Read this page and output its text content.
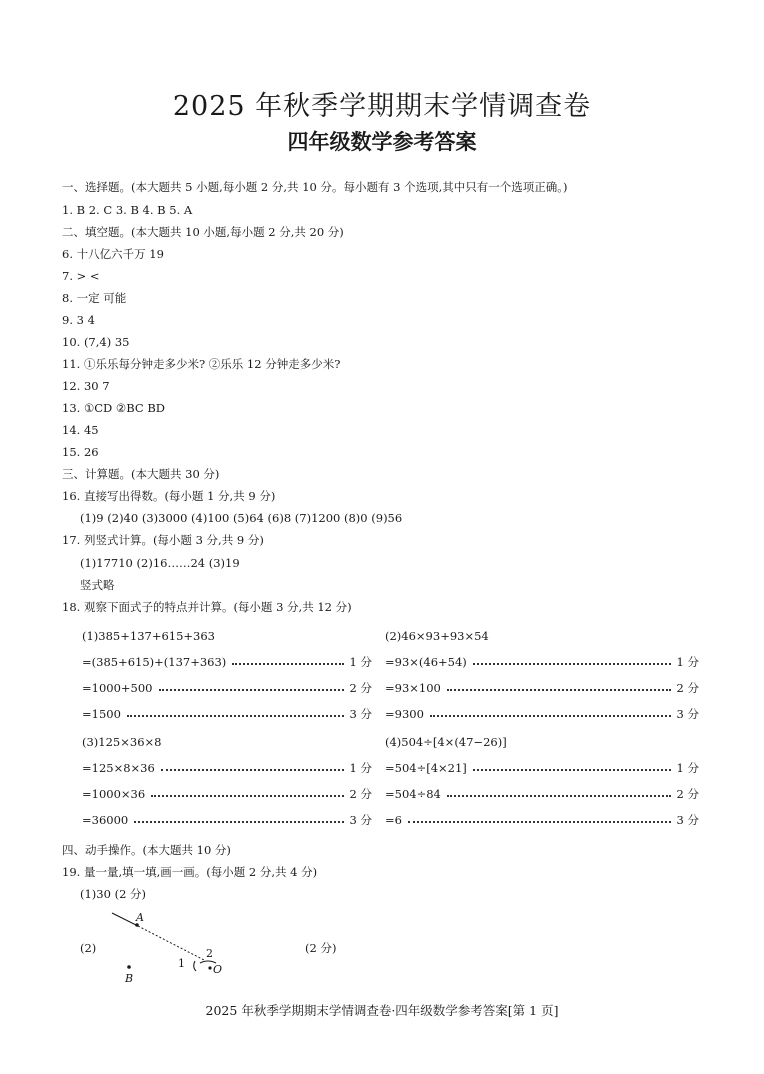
2025 年秋季学期期末学情调查卷
四年级数学参考答案
一、选择题。(本大题共 5 小题,每小题 2 分,共 10 分。每小题有 3 个选项,其中只有一个选项正确。)
1. B 2. C 3. B 4. B 5. A
二、填空题。(本大题共 10 小题,每小题 2 分,共 20 分)
6. 十八亿六千万 19
7. > <
8. 一定 可能
9. 3 4
10. (7,4) 35
11. ①乐乐每分钟走多少米? ②乐乐 12 分钟走多少米?
12. 30 7
13. ①CD ②BC BD
14. 45
15. 26
三、计算题。(本大题共 30 分)
16. 直接写出得数。(每小题 1 分,共 9 分)
(1)9 (2)40 (3)3000 (4)100 (5)64 (6)8 (7)1200 (8)0 (9)56
17. 列竖式计算。(每小题 3 分,共 9 分)
(1)17710 (2)16……24 (3)19
竖式略
18. 观察下面式子的特点并计算。(每小题 3 分,共 12 分)
(1)385+137+615+363
=(385+615)+(137+363)	1 分
=1000+500	2 分
=1500	3 分
(2)46×93+93×54
=93×(46+54)	1 分
=93×100	2 分
=9300	3 分
(3)125×36×8
=125×8×36	1 分
=1000×36	2 分
=36000	3 分
(4)504÷[4×(47−26)]
=504÷[4×21]	1 分
=504÷84	2 分
=6	3 分
四、动手操作。(本大题共 10 分)
19. 量一量,填一填,画一画。(每小题 2 分,共 4 分)
(1)30 (2 分)
(2)	(2 分)
A
1
2
O
B
2025 年秋季学期期末学情调查卷·四年级数学参考答案[第 1 页]
